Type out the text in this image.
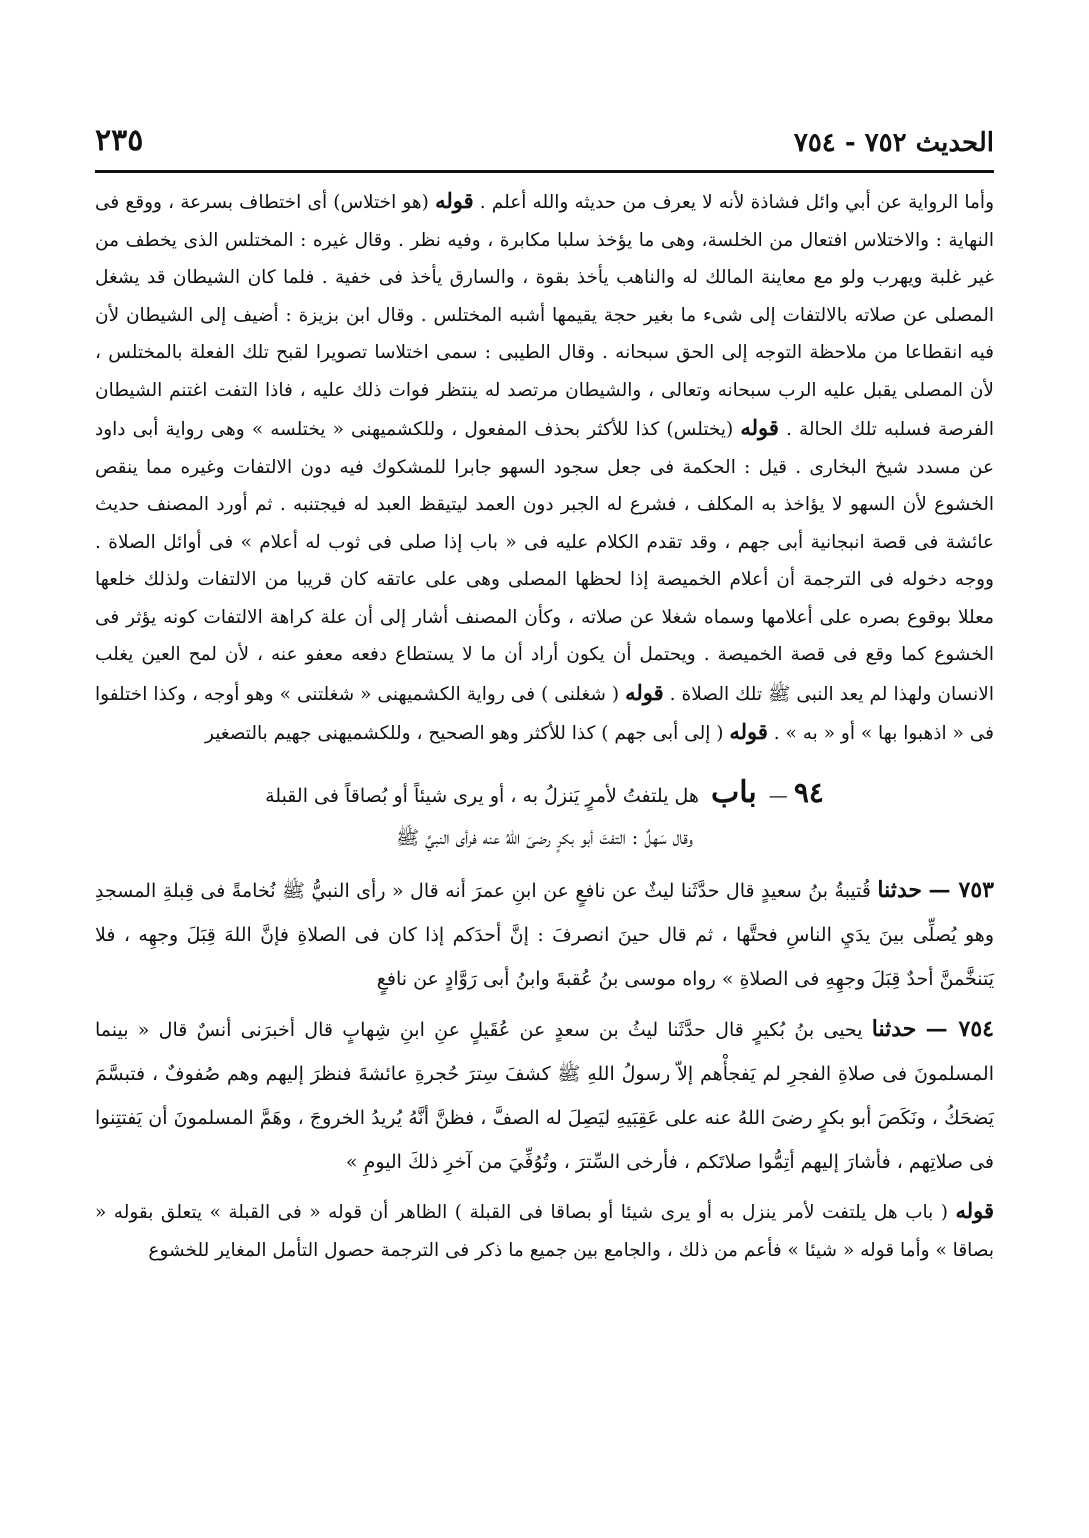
الحديث ٧٥٢ - ٧٥٤
٢٣٥

وأما الرواية عن أبي وائل فشاذة لأنه لا يعرف من حديثه والله أعلم . قوله (هو اختلاس) أى اختطاف بسرعة ، ووقع فى النهاية : والاختلاس افتعال من الخلسة، وهى ما يؤخذ سلبا مكابرة ، وفيه نظر . وقال غيره : المختلس الذى يخطف من غير غلبة ويهرب ولو مع معاينة المالك له والناهب يأخذ بقوة ، والسارق يأخذ فى خفية . فلما كان الشيطان قد يشغل المصلى عن صلاته بالالتفات إلى شىء ما بغير حجة يقيمها أشبه المختلس . وقال ابن بزيزة : أضيف إلى الشيطان لأن فيه انقطاعا من ملاحظة التوجه إلى الحق سبحانه . وقال الطيبى : سمى اختلاسا تصويرا لقبح تلك الفعلة بالمختلس ، لأن المصلى يقبل عليه الرب سبحانه وتعالى ، والشيطان مرتصد له ينتظر فوات ذلك عليه ، فاذا التفت اغتنم الشيطان الفرصة فسلبه تلك الحالة . قوله (يختلس) كذا للأكثر بحذف المفعول ، وللكشميهنى « يختلسه » وهى رواية أبى داود عن مسدد شيخ البخارى . قيل : الحكمة فى جعل سجود السهو جابرا للمشكوك فيه دون الالتفات وغيره مما ينقص الخشوع لأن السهو لا يؤاخذ به المكلف ، فشرع له الجبر دون العمد ليتيقظ العبد له فيجتنبه . ثم أورد المصنف حديث عائشة فى قصة انبجانية أبى جهم ، وقد تقدم الكلام عليه فى « باب إذا صلى فى ثوب له أعلام » فى أوائل الصلاة . ووجه دخوله فى الترجمة أن أعلام الخميصة إذا لحظها المصلى وهى على عاتقه كان قريبا من الالتفات ولذلك خلعها معللا بوقوع بصره على أعلامها وسماه شغلا عن صلاته ، وكأن المصنف أشار إلى أن علة كراهة الالتفات كونه يؤثر فى الخشوع كما وقع فى قصة الخميصة . ويحتمل أن يكون أراد أن ما لا يستطاع دفعه معفو عنه ، لأن لمح العين يغلب الانسان ولهذا لم يعد النبى ﷺ تلك الصلاة . قوله ( شغلنى ) فى رواية الكشميهنى « شغلتنى » وهو أوجه ، وكذا اختلفوا فى « اذهبوا بها » أو « به » . قوله ( إلى أبى جهم ) كذا للأكثر وهو الصحيح ، وللكشميهنى جهيم بالتصغير

٩٤ — باب هل يلتفتُ لأمرٍ يَنزلُ به ، أو يرى شيئاً أو بُصاقاً فى القبلة
وقال سَهلٌ : التفتَ أبو بكرٍ رضىَ اللهُ عنه فرأى النبيَّ ﷺ

٧٥٣ — حدثنا قُتيبةُ بنُ سعيدٍ قال حدَّثَنا ليثٌ عن نافعٍ عن ابنِ عمرَ أنه قال « رأى النبيُّ ﷺ نُخامةً فى قِبلةِ المسجدِ وهو يُصلِّى بينَ يدَيِ الناسِ فحتَّها ، ثم قال حينَ انصرفَ : إنَّ أحدَكم إذا كان فى الصلاةِ فإنَّ اللهَ قِبَلَ وجهِه ، فلا يَتنخَّمنَّ أحدٌ قِبَلَ وجهِهِ فى الصلاةِ » رواه موسى بنُ عُقبةَ وابنُ أبى رَوَّادٍ عن نافعٍ

٧٥٤ — حدثنا يحيى بنُ بُكيرٍ قال حدَّثَنا ليثُ بن سعدٍ عن عُقَيلٍ عنِ ابنِ شِهابٍ قال أخبرَنى أنسٌ قال « بينما المسلمونَ فى صلاةِ الفجرِ لم يَفجأْهم إلاّ رسولُ اللهِ ﷺ كشفَ سِترَ حُجرةِ عائشةَ فنظرَ إليهم وهم صُفوفٌ ، فتبسَّمَ يَضحَكُ ، ونَكَصَ أبو بكرٍ رضىَ اللهُ عنه على عَقِبَيهِ ليَصِلَ له الصفَّ ، فظنَّ أنَّهُ يُريدُ الخروجَ ، وهَمَّ المسلمونَ أن يَفتتِنوا فى صلاتِهم ، فأشارَ إليهم أتِمُّوا صلاتَكم ، فأرخى السِّترَ ، وتُوُفِّيَ من آخرِ ذلكَ اليومِ »

قوله ( باب هل يلتفت لأمر ينزل به أو يرى شيئا أو بصاقا فى القبلة ) الظاهر أن قوله « فى القبلة » يتعلق بقوله « بصاقا » وأما قوله « شيئا » فأعم من ذلك ، والجامع بين جميع ما ذكر فى الترجمة حصول التأمل المغاير للخشوع
